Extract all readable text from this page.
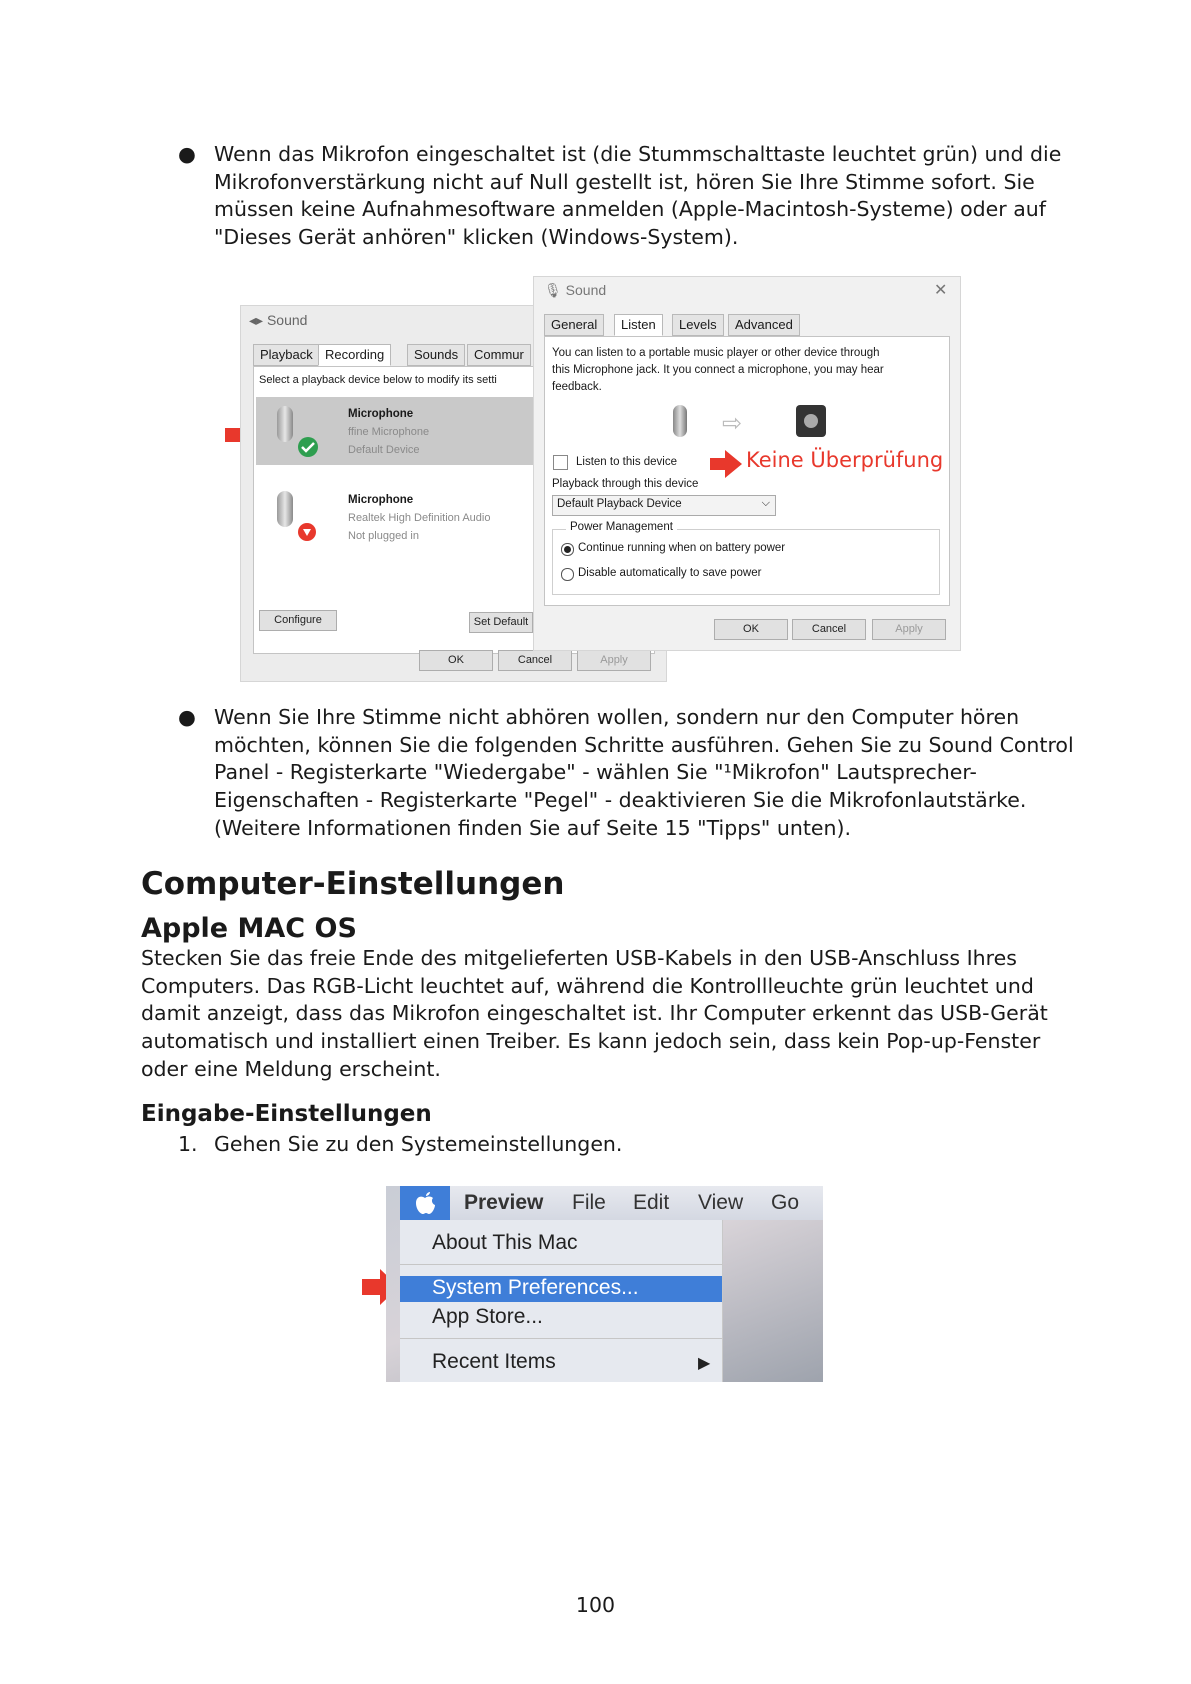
● Wenn das Mikrofon eingeschaltet ist (die Stummschalttaste leuchtet grün) und die
Mikrofonverstärkung nicht auf Null gestellt ist, hören Sie Ihre Stimme sofort. Sie
müssen keine Aufnahmesoftware anmelden (Apple-Macintosh-Systeme) oder auf
"Dieses Gerät anhören" klicken (Windows-System).
◂▸ Sound
Playback Recording	Sounds	Commur
Select a playback device below to modify its setti
Microphone
ffine Microphone
Default Device
Microphone
Realtek High Definition Audio
Not plugged in
Configure	Set Default
OK	Cancel	Apply
🎙 Sound	✕
General	Listen	Levels	Advanced
You can listen to a portable music player or other device through
this Microphone jack. It you connect a microphone, you may hear
feedback.
⇨
Listen to this device	Keine Überprüfung
Playback through this device
Default Playback Device	⌵
Power Management
Continue running when on battery power
Disable automatically to save power
OK	Cancel	Apply
● Wenn Sie Ihre Stimme nicht abhören wollen, sondern nur den Computer hören
möchten, können Sie die folgenden Schritte ausführen. Gehen Sie zu Sound Control
Panel - Registerkarte "Wiedergabe" - wählen Sie "¹Mikrofon" Lautsprecher-
Eigenschaften - Registerkarte "Pegel" - deaktivieren Sie die Mikrofonlautstärke.
(Weitere Informationen finden Sie auf Seite 15 "Tipps" unten).
Computer-Einstellungen
Apple MAC OS
Stecken Sie das freie Ende des mitgelieferten USB-Kabels in den USB-Anschluss Ihres
Computers. Das RGB-Licht leuchtet auf, während die Kontrollleuchte grün leuchtet und
damit anzeigt, dass das Mikrofon eingeschaltet ist. Ihr Computer erkennt das USB-Gerät
automatisch und installiert einen Treiber. Es kann jedoch sein, dass kein Pop-up-Fenster
oder eine Meldung erscheint.
Eingabe-Einstellungen
1. Gehen Sie zu den Systemeinstellungen.
Preview File Edit View Go
About This Mac
System Preferences...
App Store...
Recent Items	▶
100
